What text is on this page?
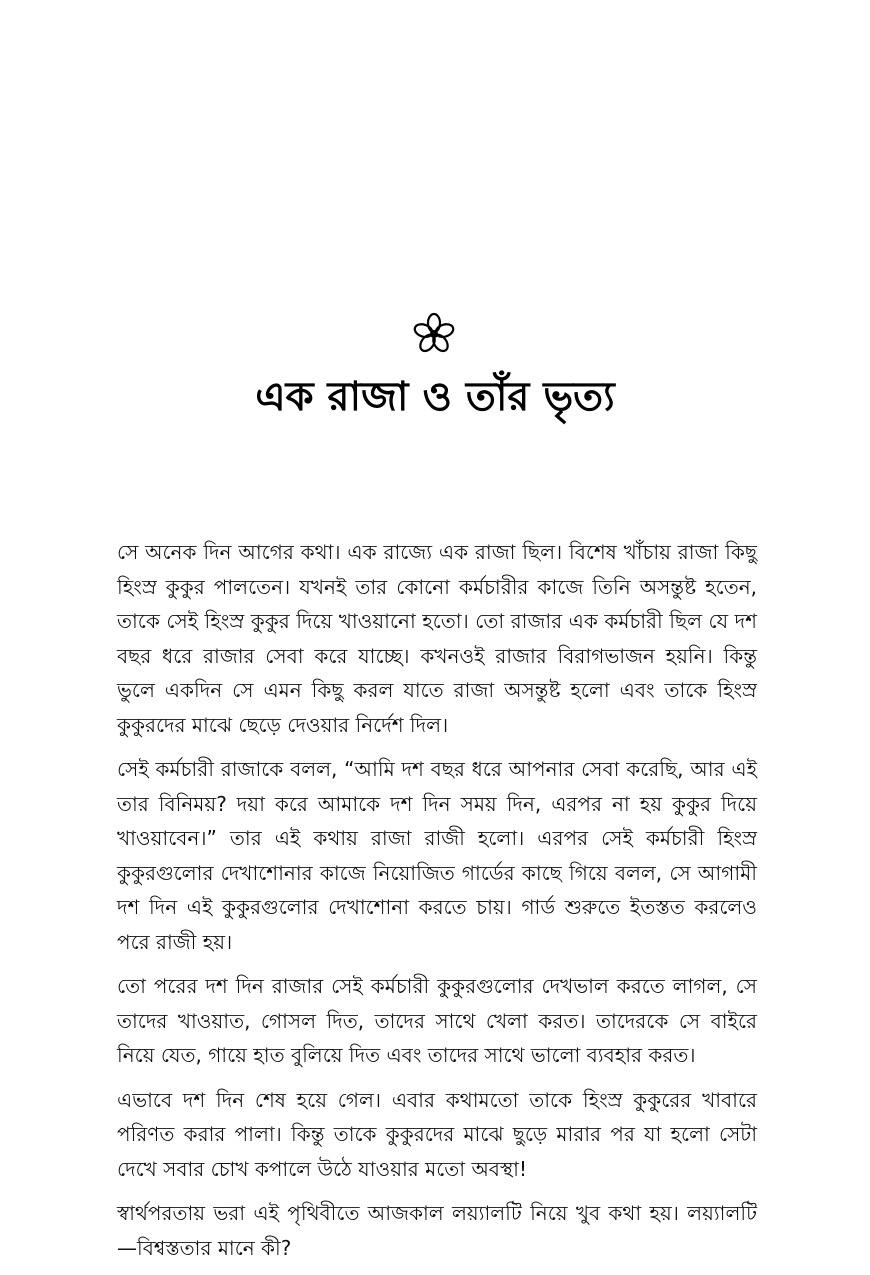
এক রাজা ও তাঁর ভৃত্য

সে অনেক দিন আগের কথা। এক রাজ্যে এক রাজা ছিল। বিশেষ খাঁচায় রাজা কিছু হিংস্র কুকুর পালতেন। যখনই তার কোনো কর্মচারীর কাজে তিনি অসন্তুষ্ট হতেন, তাকে সেই হিংস্র কুকুর দিয়ে খাওয়ানো হতো। তো রাজার এক কর্মচারী ছিল যে দশ বছর ধরে রাজার সেবা করে যাচ্ছে। কখনওই রাজার বিরাগভাজন হয়নি। কিন্তু ভুলে একদিন সে এমন কিছু করল যাতে রাজা অসন্তুষ্ট হলো এবং তাকে হিংস্র কুকুরদের মাঝে ছেড়ে দেওয়ার নির্দেশ দিল।

সেই কর্মচারী রাজাকে বলল, “আমি দশ বছর ধরে আপনার সেবা করেছি, আর এই তার বিনিময়? দয়া করে আমাকে দশ দিন সময় দিন, এরপর না হয় কুকুর দিয়ে খাওয়াবেন।” তার এই কথায় রাজা রাজী হলো। এরপর সেই কর্মচারী হিংস্র কুকুরগুলোর দেখাশোনার কাজে নিয়োজিত গার্ডের কাছে গিয়ে বলল, সে আগামী দশ দিন এই কুকুরগুলোর দেখাশোনা করতে চায়। গার্ড শুরুতে ইতস্তত করলেও পরে রাজী হয়।

তো পরের দশ দিন রাজার সেই কর্মচারী কুকুরগুলোর দেখভাল করতে লাগল, সে তাদের খাওয়াত, গোসল দিত, তাদের সাথে খেলা করত। তাদেরকে সে বাইরে নিয়ে যেত, গায়ে হাত বুলিয়ে দিত এবং তাদের সাথে ভালো ব্যবহার করত।

এভাবে দশ দিন শেষ হয়ে গেল। এবার কথামতো তাকে হিংস্র কুকুরের খাবারে পরিণত করার পালা। কিন্তু তাকে কুকুরদের মাঝে ছুড়ে মারার পর যা হলো সেটা দেখে সবার চোখ কপালে উঠে যাওয়ার মতো অবস্থা!

স্বার্থপরতায় ভরা এই পৃথিবীতে আজকাল লয়্যালটি নিয়ে খুব কথা হয়। লয়্যালটি—বিশ্বস্ততার মানে কী?
